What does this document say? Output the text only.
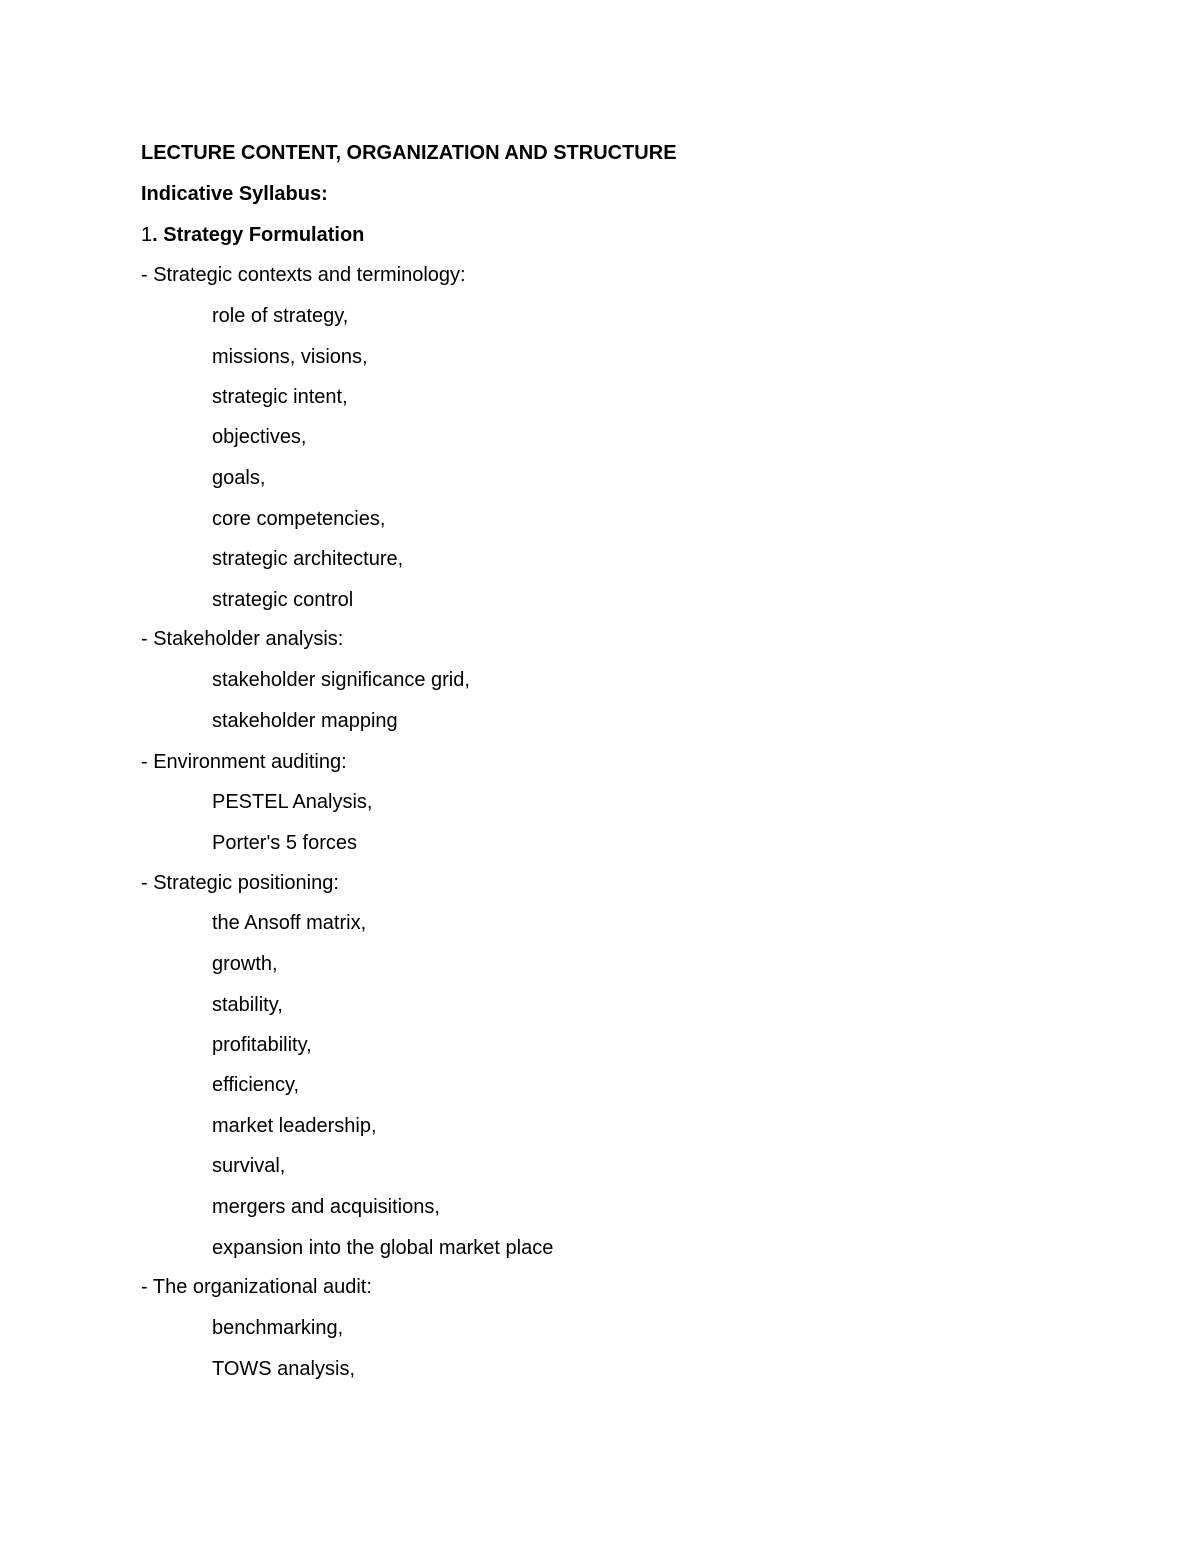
LECTURE CONTENT, ORGANIZATION AND STRUCTURE
Indicative Syllabus:
1. Strategy Formulation
- Strategic contexts and terminology:
role of strategy,
missions, visions,
strategic intent,
objectives,
goals,
core competencies,
strategic architecture,
strategic control
- Stakeholder analysis:
stakeholder significance grid,
stakeholder mapping
- Environment auditing:
PESTEL Analysis,
Porter's 5 forces
- Strategic positioning:
the Ansoff matrix,
growth,
stability,
profitability,
efficiency,
market leadership,
survival,
mergers and acquisitions,
expansion into the global market place
- The organizational audit:
benchmarking,
TOWS analysis,
